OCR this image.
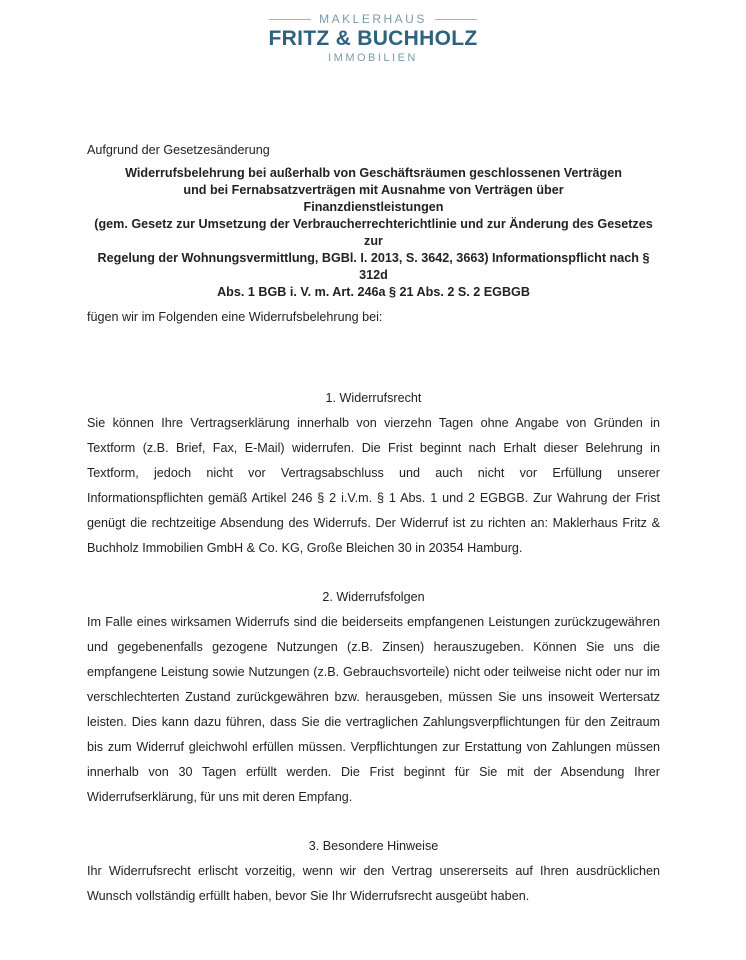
MAKLERHAUS
FRITZ & BUCHHOLZ
IMMOBILIEN

Aufgrund der Gesetzesänderung

Widerrufsbelehrung bei außerhalb von Geschäftsräumen geschlossenen Verträgen
und bei Fernabsatzverträgen mit Ausnahme von Verträgen über
Finanzdienstleistungen
(gem. Gesetz zur Umsetzung der Verbraucherrechterichtlinie und zur Änderung des Gesetzes
zur
Regelung der Wohnungsvermittlung, BGBl. I. 2013, S. 3642, 3663) Informationspflicht nach §
312d
Abs. 1 BGB i. V. m. Art. 246a § 21 Abs. 2 S. 2 EGBGB

fügen wir im Folgenden eine Widerrufsbelehrung bei:

1. Widerrufsrecht

Sie können Ihre Vertragserklärung innerhalb von vierzehn Tagen ohne Angabe von Gründen in Textform (z.B. Brief, Fax, E-Mail) widerrufen. Die Frist beginnt nach Erhalt dieser Belehrung in Textform, jedoch nicht vor Vertragsabschluss und auch nicht vor Erfüllung unserer Informationspflichten gemäß Artikel 246 § 2 i.V.m. § 1 Abs. 1 und 2 EGBGB. Zur Wahrung der Frist genügt die rechtzeitige Absendung des Widerrufs. Der Widerruf ist zu richten an: Maklerhaus Fritz & Buchholz Immobilien GmbH & Co. KG, Große Bleichen 30 in 20354 Hamburg.

2. Widerrufsfolgen

Im Falle eines wirksamen Widerrufs sind die beiderseits empfangenen Leistungen zurückzugewähren und gegebenenfalls gezogene Nutzungen (z.B. Zinsen) herauszugeben. Können Sie uns die empfangene Leistung sowie Nutzungen (z.B. Gebrauchsvorteile) nicht oder teilweise nicht oder nur im verschlechterten Zustand zurückgewähren bzw. herausgeben, müssen Sie uns insoweit Wertersatz leisten. Dies kann dazu führen, dass Sie die vertraglichen Zahlungsverpflichtungen für den Zeitraum bis zum Widerruf gleichwohl erfüllen müssen. Verpflichtungen zur Erstattung von Zahlungen müssen innerhalb von 30 Tagen erfüllt werden. Die Frist beginnt für Sie mit der Absendung Ihrer Widerrufserklärung, für uns mit deren Empfang.

3. Besondere Hinweise

Ihr Widerrufsrecht erlischt vorzeitig, wenn wir den Vertrag unsererseits auf Ihren ausdrücklichen Wunsch vollständig erfüllt haben, bevor Sie Ihr Widerrufsrecht ausgeübt haben.
